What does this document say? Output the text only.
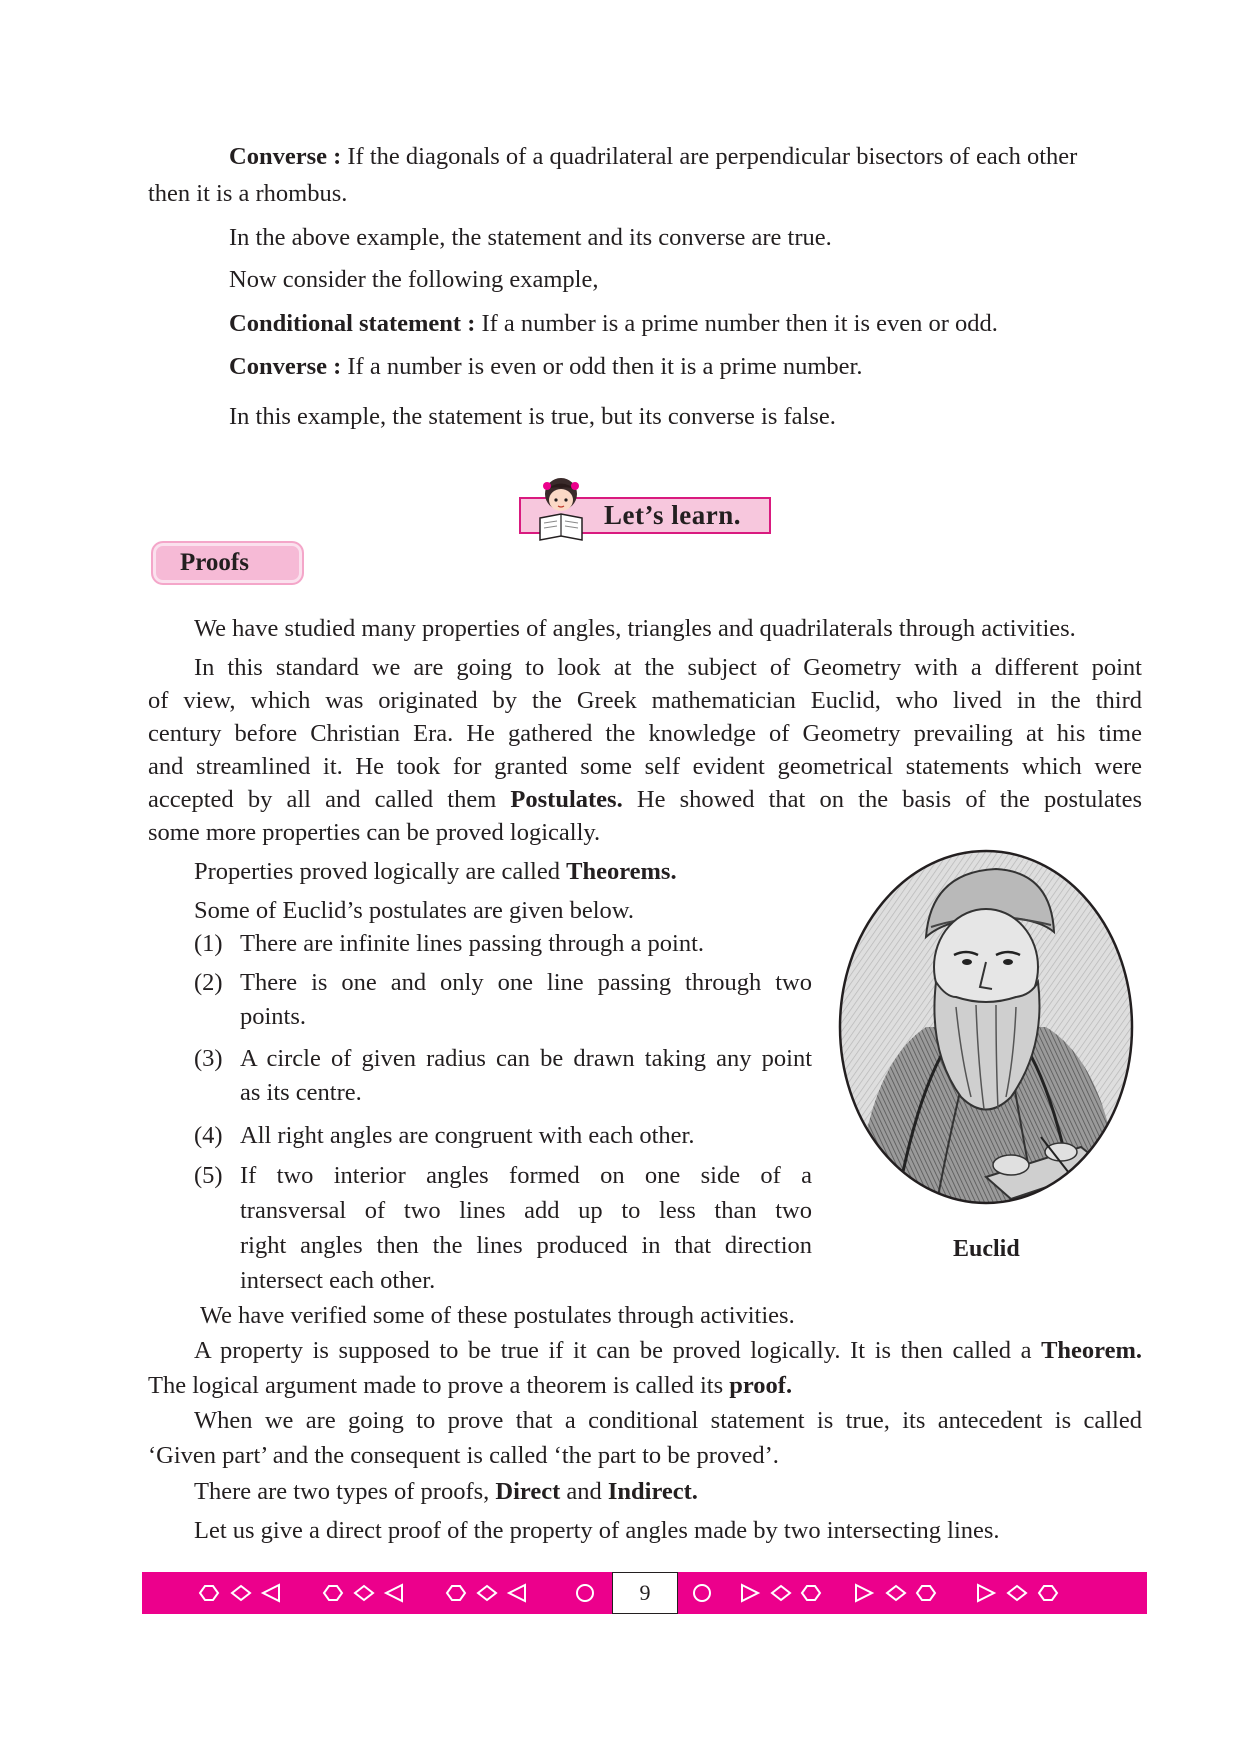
Converse : If the diagonals of a quadrilateral are perpendicular bisectors of each other
then it is a rhombus.
In the above example, the statement and its converse are true.
Now consider the following example,
Conditional statement : If a number is a prime number then it is even or odd.
Converse : If a number is even or odd then it is a prime number.
In this example, the statement is true, but its converse is false.
Let’s learn.
Proofs
We have studied many properties of angles, triangles and quadrilaterals through activities.
In this standard we are going to look at the subject of Geometry with a different point
of view, which was originated by the Greek mathematician Euclid, who lived in the third
century before Christian Era. He gathered the knowledge of Geometry prevailing at his time
and streamlined it. He took for granted some self evident geometrical statements which were
accepted by all and called them Postulates. He showed that on the basis of the postulates
some more properties can be proved logically.
Properties proved logically are called Theorems.
Some of Euclid’s postulates are given below.
(1) There are infinite lines passing through a point.
(2) There is one and only one line passing through two
points.
(3) A circle of given radius can be drawn taking any point
as its centre.
(4) All right angles are congruent with each other.
(5) If two interior angles formed on one side of a
transversal of two lines add up to less than two
right angles then the lines produced in that direction
intersect each other.
Euclid
We have verified some of these postulates through activities.
A property is supposed to be true if it can be proved logically. It is then called a Theorem.
The logical argument made to prove a theorem is called its proof.
When we are going to prove that a conditional statement is true, its antecedent is called
‘Given part’ and the consequent is called ‘the part to be proved’.
There are two types of proofs, Direct and Indirect.
Let us give a direct proof of the property of angles made by two intersecting lines.
9
